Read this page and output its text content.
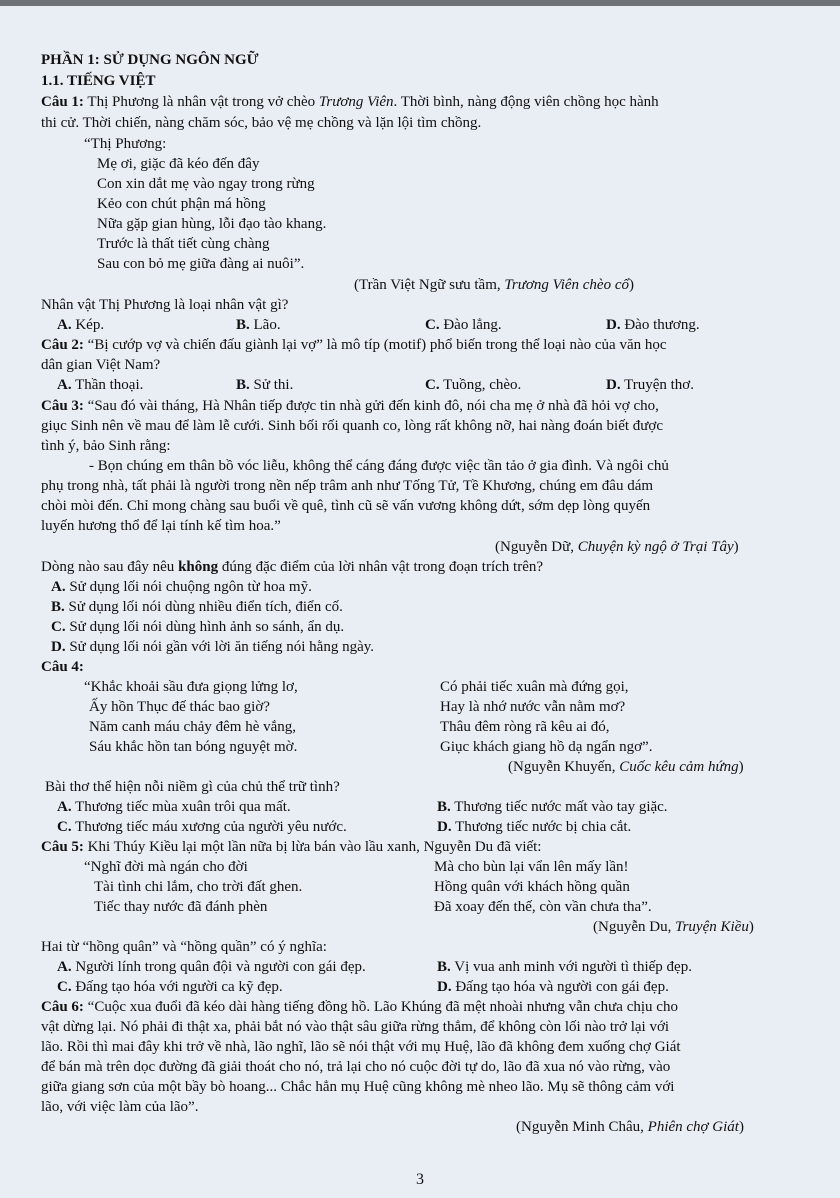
PHẦN 1: SỬ DỤNG NGÔN NGỮ
1.1. TIẾNG VIỆT
Câu 1: Thị Phương là nhân vật trong vở chèo Trương Viên. Thời bình, nàng động viên chồng học hành
thi cử. Thời chiến, nàng chăm sóc, bảo vệ mẹ chồng và lặn lội tìm chồng.
“Thị Phương:
Mẹ ơi, giặc đã kéo đến đây
Con xin dắt mẹ vào ngay trong rừng
Kẻo con chút phận má hồng
Nữa gặp gian hùng, lỗi đạo tào khang.
Trước là thất tiết cùng chàng
Sau con bỏ mẹ giữa đàng ai nuôi”.
(Trần Việt Ngữ sưu tầm, Trương Viên chèo cổ)
Nhân vật Thị Phương là loại nhân vật gì?
A. Kép.	B. Lão.	C. Đào lẳng.	D. Đào thương.
Câu 2: “Bị cướp vợ và chiến đấu giành lại vợ” là mô típ (motif) phổ biến trong thể loại nào của văn học
dân gian Việt Nam?
A. Thần thoại.	B. Sử thi.	C. Tuồng, chèo.	D. Truyện thơ.
Câu 3: “Sau đó vài tháng, Hà Nhân tiếp được tin nhà gửi đến kinh đô, nói cha mẹ ở nhà đã hỏi vợ cho,
giục Sinh nên về mau để làm lễ cưới. Sinh bối rối quanh co, lòng rất không nỡ, hai nàng đoán biết được
tình ý, bảo Sinh rằng:
- Bọn chúng em thân bồ vóc liễu, không thể cáng đáng được việc tần tảo ở gia đình. Và ngôi chủ
phụ trong nhà, tất phải là người trong nền nếp trâm anh như Tống Tử, Tề Khương, chúng em đâu dám
chòi mòi đến. Chỉ mong chàng sau buổi về quê, tình cũ sẽ vấn vương không dứt, sớm dẹp lòng quyến
luyến hương thổ để lại tính kế tìm hoa.”
(Nguyễn Dữ, Chuyện kỳ ngộ ở Trại Tây)
Dòng nào sau đây nêu không đúng đặc điểm của lời nhân vật trong đoạn trích trên?
A. Sử dụng lối nói chuộng ngôn từ hoa mỹ.
B. Sử dụng lối nói dùng nhiều điển tích, điển cố.
C. Sử dụng lối nói dùng hình ảnh so sánh, ẩn dụ.
D. Sử dụng lối nói gần với lời ăn tiếng nói hằng ngày.
Câu 4:
“Khắc khoải sầu đưa giọng lửng lơ,
Ấy hồn Thục đế thác bao giờ?
Năm canh máu chảy đêm hè vắng,
Sáu khắc hồn tan bóng nguyệt mờ.
Có phải tiếc xuân mà đứng gọi,
Hay là nhớ nước vẫn nằm mơ?
Thâu đêm ròng rã kêu ai đó,
Giục khách giang hồ dạ ngẩn ngơ”.
(Nguyễn Khuyến, Cuốc kêu cảm hứng)
Bài thơ thể hiện nỗi niềm gì của chủ thể trữ tình?
A. Thương tiếc mùa xuân trôi qua mất.	B. Thương tiếc nước mất vào tay giặc.
C. Thương tiếc máu xương của người yêu nước.	D. Thương tiếc nước bị chia cắt.
Câu 5: Khi Thúy Kiều lại một lần nữa bị lừa bán vào lầu xanh, Nguyễn Du đã viết:
“Nghĩ đời mà ngán cho đời
Tài tình chi lắm, cho trời đất ghen.
Tiếc thay nước đã đánh phèn
Mà cho bùn lại vẩn lên mấy lần!
Hồng quân với khách hồng quần
Đã xoay đến thế, còn vần chưa tha”.
(Nguyễn Du, Truyện Kiều)
Hai từ “hồng quân” và “hồng quần” có ý nghĩa:
A. Người lính trong quân đội và người con gái đẹp.	B. Vị vua anh minh với người tì thiếp đẹp.
C. Đấng tạo hóa với người ca kỹ đẹp.	D. Đấng tạo hóa và người con gái đẹp.
Câu 6: “Cuộc xua đuổi đã kéo dài hàng tiếng đồng hồ. Lão Khúng đã mệt nhoài nhưng vẫn chưa chịu cho
vật dừng lại. Nó phải đi thật xa, phải bắt nó vào thật sâu giữa rừng thẳm, để không còn lối nào trở lại với
lão. Rồi thì mai đây khi trở về nhà, lão nghĩ, lão sẽ nói thật với mụ Huệ, lão đã không đem xuống chợ Giát
để bán mà trên dọc đường đã giải thoát cho nó, trả lại cho nó cuộc đời tự do, lão đã xua nó vào rừng, vào
giữa giang sơn của một bầy bò hoang... Chắc hẳn mụ Huệ cũng không mè nheo lão. Mụ sẽ thông cảm với
lão, với việc làm của lão”.
(Nguyễn Minh Châu, Phiên chợ Giát)
3
